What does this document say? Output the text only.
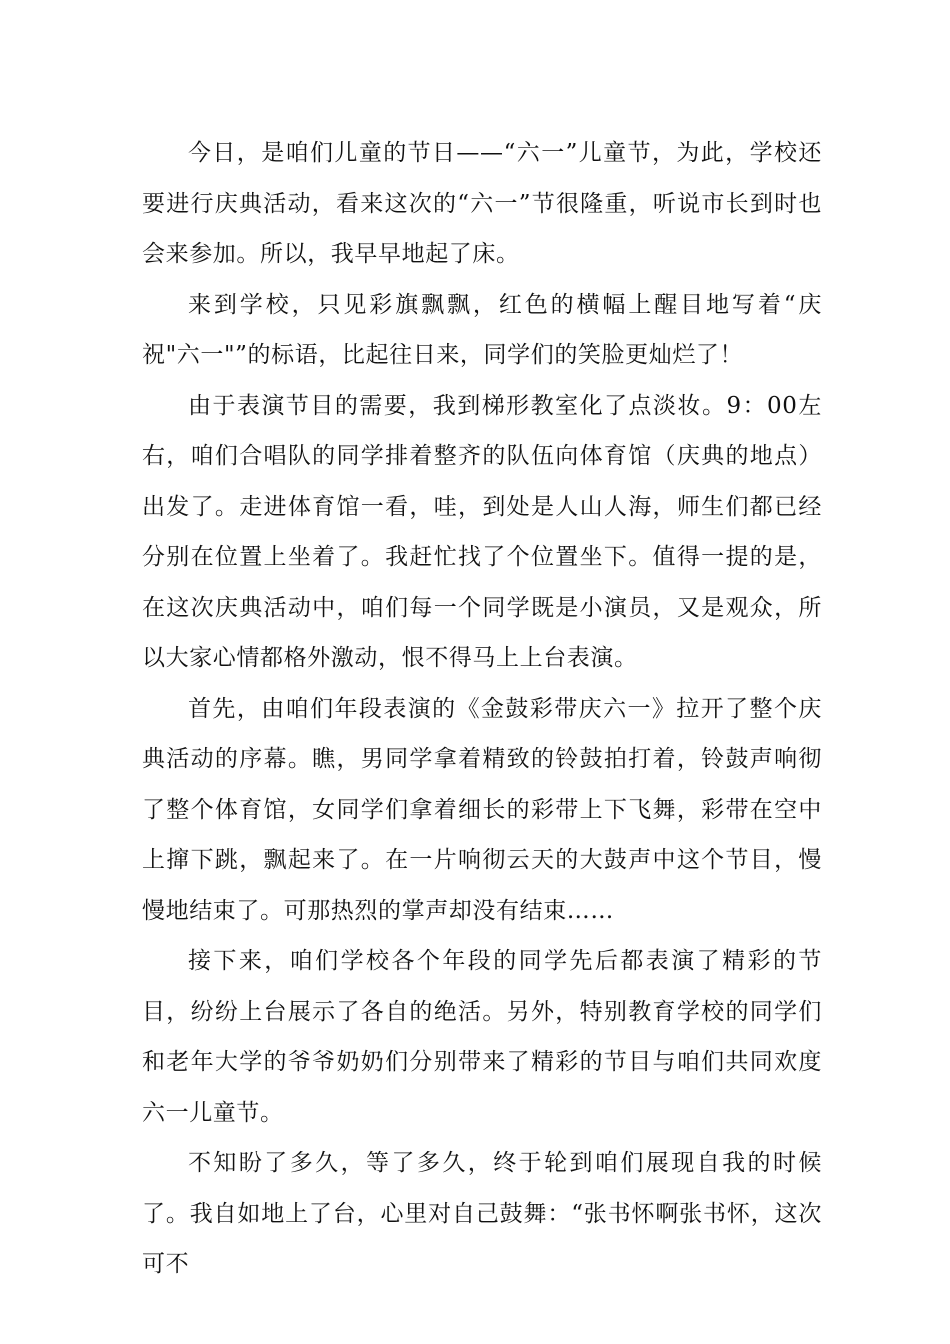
今日，是咱们儿童的节日——“六一”儿童节，为此，学校还要进行庆典活动，看来这次的“六一”节很隆重，听说市长到时也会来参加。所以，我早早地起了床。

来到学校，只见彩旗飘飘，红色的横幅上醒目地写着“庆祝"六一"”的标语，比起往日来，同学们的笑脸更灿烂了！

由于表演节目的需要，我到梯形教室化了点淡妆。9：00左右，咱们合唱队的同学排着整齐的队伍向体育馆（庆典的地点）出发了。走进体育馆一看，哇，到处是人山人海，师生们都已经分别在位置上坐着了。我赶忙找了个位置坐下。值得一提的是，在这次庆典活动中，咱们每一个同学既是小演员，又是观众，所以大家心情都格外激动，恨不得马上上台表演。

首先，由咱们年段表演的《金鼓彩带庆六一》拉开了整个庆典活动的序幕。瞧，男同学拿着精致的铃鼓拍打着，铃鼓声响彻了整个体育馆，女同学们拿着细长的彩带上下飞舞，彩带在空中上撺下跳，飘起来了。在一片响彻云天的大鼓声中这个节目，慢慢地结束了。可那热烈的掌声却没有结束……

接下来，咱们学校各个年段的同学先后都表演了精彩的节目，纷纷上台展示了各自的绝活。另外，特别教育学校的同学们和老年大学的爷爷奶奶们分别带来了精彩的节目与咱们共同欢度六一儿童节。

不知盼了多久，等了多久，终于轮到咱们展现自我的时候了。我自如地上了台，心里对自己鼓舞：“张书怀啊张书怀，这次可不
